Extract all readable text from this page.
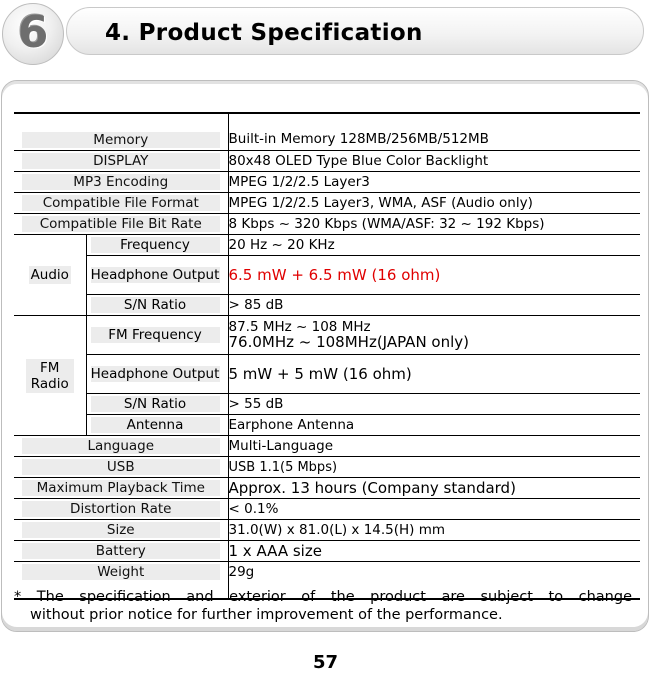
6	4. Product Specification
Memory		Built-in Memory 128MB/256MB/512MB

DISPLAY		80x48 OLED Type Blue Color Backlight

MP3 Encoding		MPEG 1/2/2.5 Layer3

Compatible File Format		MPEG 1/2/2.5 Layer3, WMA, ASF (Audio only)

Compatible File Bit Rate		8 Kbps ~ 320 Kbps (WMA/ASF: 32 ~ 192 Kbps)
Audio	Frequency	20 Hz ~ 20 KHz

	Headphone Output	6.5 mW + 6.5 mW (16 ohm)

	S/N Ratio	> 85 dB
FM Radio	FM Frequency	87.5 MHz ~ 108 MHz
76.0MHz ~ 108MHz(JAPAN only)

	Headphone Output	5 mW + 5 mW (16 ohm)

	S/N Ratio	> 55 dB

	Antenna	Earphone Antenna

Language		Multi-Language

USB		USB 1.1(5 Mbps)

Maximum Playback Time		Approx. 13 hours (Company standard)

Distortion Rate		< 0.1%

Size		31.0(W) x 81.0(L) x 14.5(H) mm

Battery		1 x AAA size

Weight		29g
* The specification and exterior of the product are subject to change
without prior notice for further improvement of the performance.
57
